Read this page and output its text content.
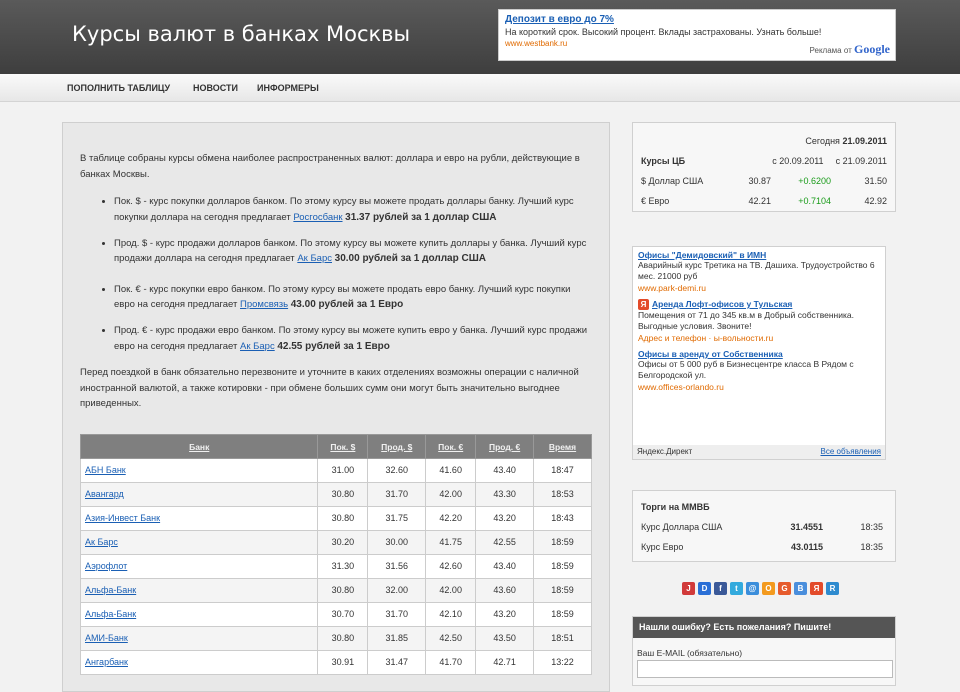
Курсы валют в банках Москвы
Депозит в евро до 7%
На короткий срок. Высокий процент. Вклады застрахованы. Узнать больше!
www.westbank.ru
Реклама от Google
ПОПОЛНИТЬ ТАБЛИЦУ	НОВОСТИ ИНФОРМЕРЫ

В таблице собраны курсы обмена наиболее распространенных валют: доллара и евро на рубли, действующие в банках Москвы.

• Пок. $ - курс покупки долларов банком. По этому курсу вы можете продать доллары банку. Лучший курс покупки доллара на сегодня предлагает Росгосбанк 31.37 рублей за 1 доллар США
• Прод. $ - курс продажи долларов банком. По этому курсу вы можете купить доллары у банка. Лучший курс продажи доллара на сегодня предлагает Ак Барс 30.00 рублей за 1 доллар США
• Пок. € - курс покупки евро банком. По этому курсу вы можете продать евро банку. Лучший курс покупки евро на сегодня предлагает Промсвязь 43.00 рублей за 1 Евро
• Прод. € - курс продажи евро банком. По этому курсу вы можете купить евро у банка. Лучший курс продажи евро на сегодня предлагает Ак Барс 42.55 рублей за 1 Евро

Перед поездкой в банк обязательно перезвоните и уточните в каких отделениях возможны операции с наличной иностранной валютой, а также котировки - при обмене больших сумм они могут быть значительно выгоднее приведенных.

Банк	Пок. $	Прод. $	Пок. €	Прод. €	Время
АБН Банк	31.00	32.60	41.60	43.40	18:47
Авангард	30.80	31.70	42.00	43.30	18:53
Азия-Инвест Банк	30.80	31.75	42.20	43.20	18:43
Ак Барс	30.20	30.00	41.75	42.55	18:59
Аэрофлот	31.30	31.56	42.60	43.40	18:59
Альфа-Банк	30.80	32.00	42.00	43.60	18:59
Альфа-Банк	30.70	31.70	42.10	43.20	18:59
АМИ-Банк	30.80	31.85	42.50	43.50	18:51
Ангарбанк	30.91	31.47	41.70	42.71	13:22
Сегодня
21.09.2011
Курсы ЦБ	с 20.09.2011	с 21.09.2011
$ Доллар США	30.87	+0.6200	31.50
€ Евро	42.21	+0.7104	42.92
Офисы "Демидовский" в ИМН
Аварийный курс Третика на ТВ. Дашиха. Трудоустройство 6 мес. 21000 руб
www.park-demi.ru
Я Аренда Лофт-офисов у Тульская
Помещения от 71 до 345 кв.м в Добрый собственника. Выгодные условия. Звоните!
Адрес и телефон · ы-вольности.ru
Офисы в аренду от Собственника
Офисы от 5 000 руб в Бизнесцентре класса В Рядом с Белгородской ул.
www.offices-orlando.ru
Яндекс.Директ	Все объявления
Торги на ММВБ
Курс Доллара США	31.4551	18:35
Курс Евро	43.0115	18:35
J	D	f	t	@	O	G	B	Я	R
Нашли ошибку? Есть пожелания? Пишите!
Ваш E-MAIL (обязательно)
